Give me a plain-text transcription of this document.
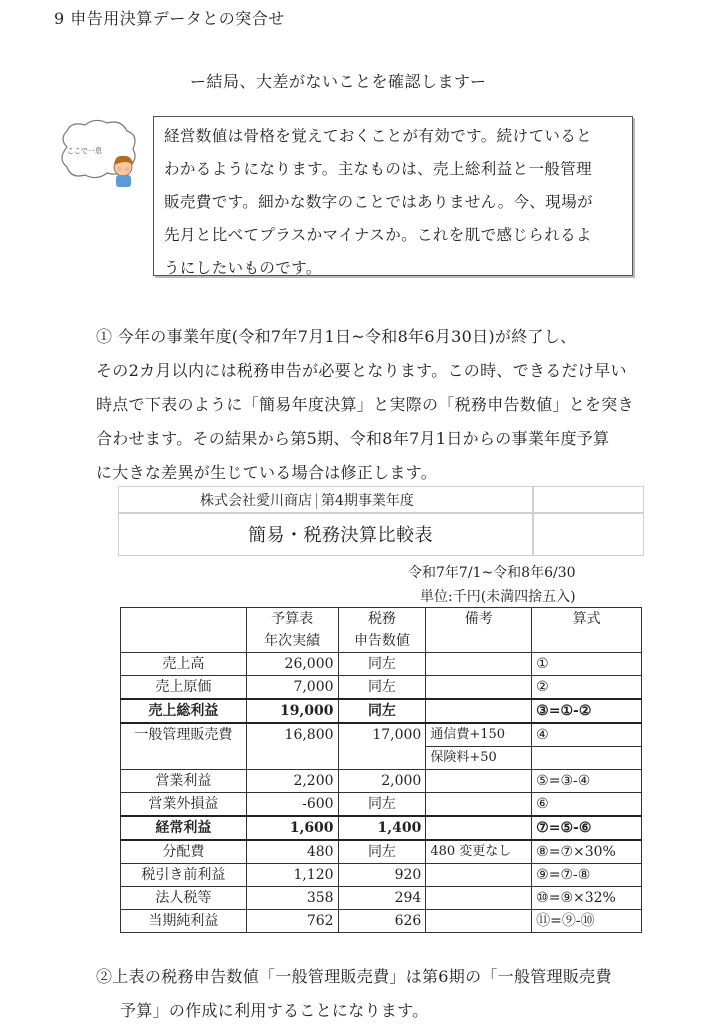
9 申告用決算データとの突合せ
ー結局、大差がないことを確認しますー
ここで一息
経営数値は骨格を覚えておくことが有効です。続けていると
わかるようになります。主なものは、売上総利益と一般管理
販売費です。細かな数字のことではありません。今、現場が
先月と比べてプラスかマイナスか。これを肌で感じられるよ
うにしたいものです。
① 今年の事業年度(令和7年7月1日~令和8年6月30日)が終了し、
その2カ月以内には税務申告が必要となります。この時、できるだけ早い
時点で下表のように「簡易年度決算」と実際の「税務申告数値」とを突き
合わせます。その結果から第5期、令和8年7月1日からの事業年度予算
に大きな差異が生じている場合は修正します。
株式会社愛川商店 第4期事業年度
簡易・税務決算比較表
令和7年7/1~令和8年6/30
単位:千円(未満四捨五入)
	予算表	税務	備考	算式
	年次実績	申告数値		
売上高	26,000	同左		①
売上原価	7,000	同左		②
売上総利益	19,000	同左		③=①-②
一般管理販売費	16,800	17,000	通信費+150	④
			保険料+50	
営業利益	2,200	2,000		⑤=③-④
営業外損益	-600	同左		⑥
経常利益	1,600	1,400		⑦=⑤-⑥
分配費	480	同左	480 変更なし	⑧=⑦×30%
税引き前利益	1,120	920		⑨=⑦-⑧
法人税等	358	294		⑩=⑨×32%
当期純利益	762	626		⑪=⑨-⑩
②上表の税務申告数値「一般管理販売費」は第6期の「一般管理販売費
予算」の作成に利用することになります。
